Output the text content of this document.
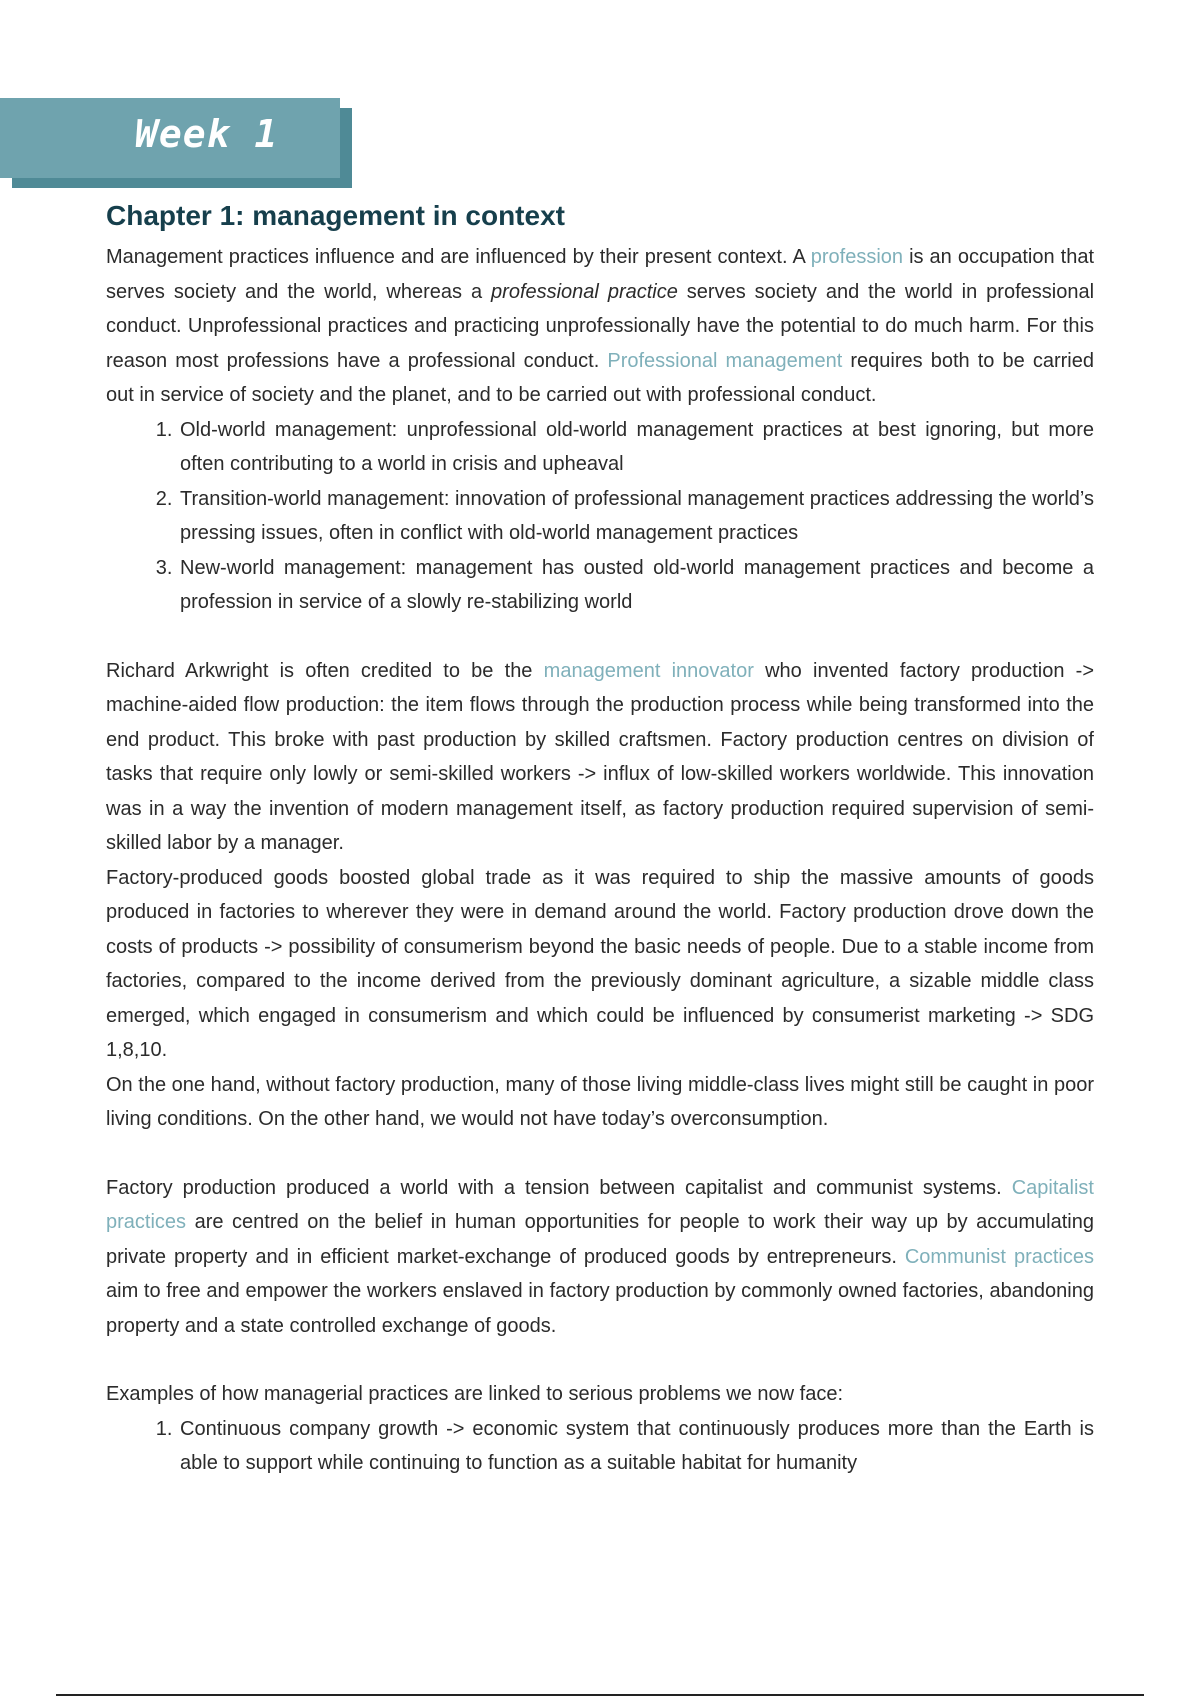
Week 1
Chapter 1: management in context

Management practices influence and are influenced by their present context. A profession is an occupation that serves society and the world, whereas a professional practice serves society and the world in professional conduct. Unprofessional practices and practicing unprofessionally have the potential to do much harm. For this reason most professions have a professional conduct. Professional management requires both to be carried out in service of society and the planet, and to be carried out with professional conduct.

1. Old-world management: unprofessional old-world management practices at best ignoring, but more often contributing to a world in crisis and upheaval
2. Transition-world management: innovation of professional management practices addressing the world’s pressing issues, often in conflict with old-world management practices
3. New-world management: management has ousted old-world management practices and become a profession in service of a slowly re-stabilizing world

Richard Arkwright is often credited to be the management innovator who invented factory production -> machine-aided flow production: the item flows through the production process while being transformed into the end product. This broke with past production by skilled craftsmen. Factory production centres on division of tasks that require only lowly or semi-skilled workers -> influx of low-skilled workers worldwide. This innovation was in a way the invention of modern management itself, as factory production required supervision of semi-skilled labor by a manager.

Factory-produced goods boosted global trade as it was required to ship the massive amounts of goods produced in factories to wherever they were in demand around the world. Factory production drove down the costs of products -> possibility of consumerism beyond the basic needs of people. Due to a stable income from factories, compared to the income derived from the previously dominant agriculture, a sizable middle class emerged, which engaged in consumerism and which could be influenced by consumerist marketing -> SDG 1,8,10.

On the one hand, without factory production, many of those living middle-class lives might still be caught in poor living conditions. On the other hand, we would not have today’s overconsumption.

Factory production produced a world with a tension between capitalist and communist systems. Capitalist practices are centred on the belief in human opportunities for people to work their way up by accumulating private property and in efficient market-exchange of produced goods by entrepreneurs. Communist practices aim to free and empower the workers enslaved in factory production by commonly owned factories, abandoning property and a state controlled exchange of goods.

Examples of how managerial practices are linked to serious problems we now face:

1. Continuous company growth -> economic system that continuously produces more than the Earth is able to support while continuing to function as a suitable habitat for humanity
